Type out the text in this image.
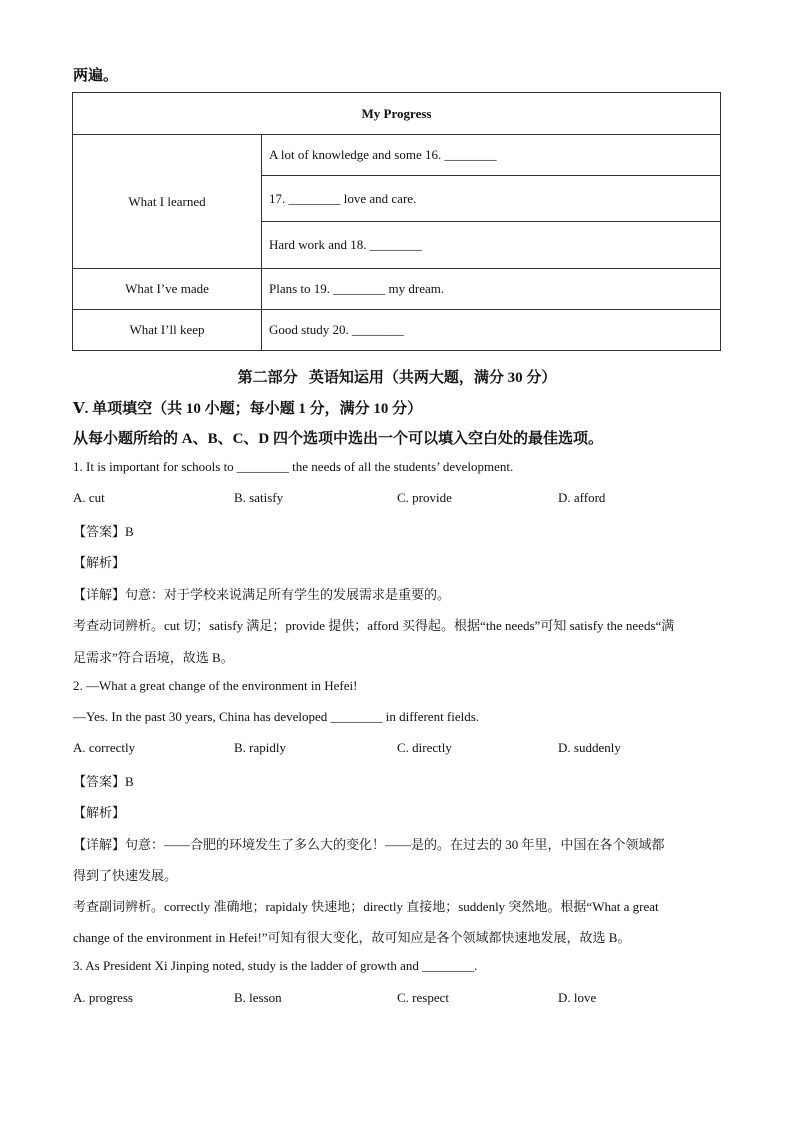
两遍。
My Progress	
What I learned	A lot of knowledge and some 16. ________
	17. ________ love and care.
	Hard work and 18. ________
What I’ve made	Plans to 19. ________ my dream.
What I’ll keep	Good study 20. ________
第二部分   英语知运用（共两大题，满分 30 分）
Ⅴ. 单项填空（共 10 小题；每小题 1 分，满分 10 分）
从每小题所给的 A、B、C、D 四个选项中选出一个可以填入空白处的最佳选项。
1. It is important for schools to ________ the needs of all the students’ development.
A. cut	B. satisfy	C. provide	D. afford
【答案】B
【解析】
【详解】句意：对于学校来说满足所有学生的发展需求是重要的。
考查动词辨析。cut 切；satisfy 满足；provide 提供；afford 买得起。根据“the needs”可知 satisfy the needs“满
足需求”符合语境，故选 B。
2. —What a great change of the environment in Hefei!
—Yes. In the past 30 years, China has developed ________ in different fields.
A. correctly	B. rapidly	C. directly	D. suddenly
【答案】B
【解析】
【详解】句意：——合肥的环境发生了多么大的变化！——是的。在过去的 30 年里，中国在各个领域都
得到了快速发展。
考查副词辨析。correctly 准确地；rapidaly 快速地；directly 直接地；suddenly 突然地。根据“What a great
change of the environment in Hefei!”可知有很大变化，故可知应是各个领域都快速地发展，故选 B。
3. As President Xi Jinping noted, study is the ladder of growth and ________.
A. progress	B. lesson	C. respect	D. love
